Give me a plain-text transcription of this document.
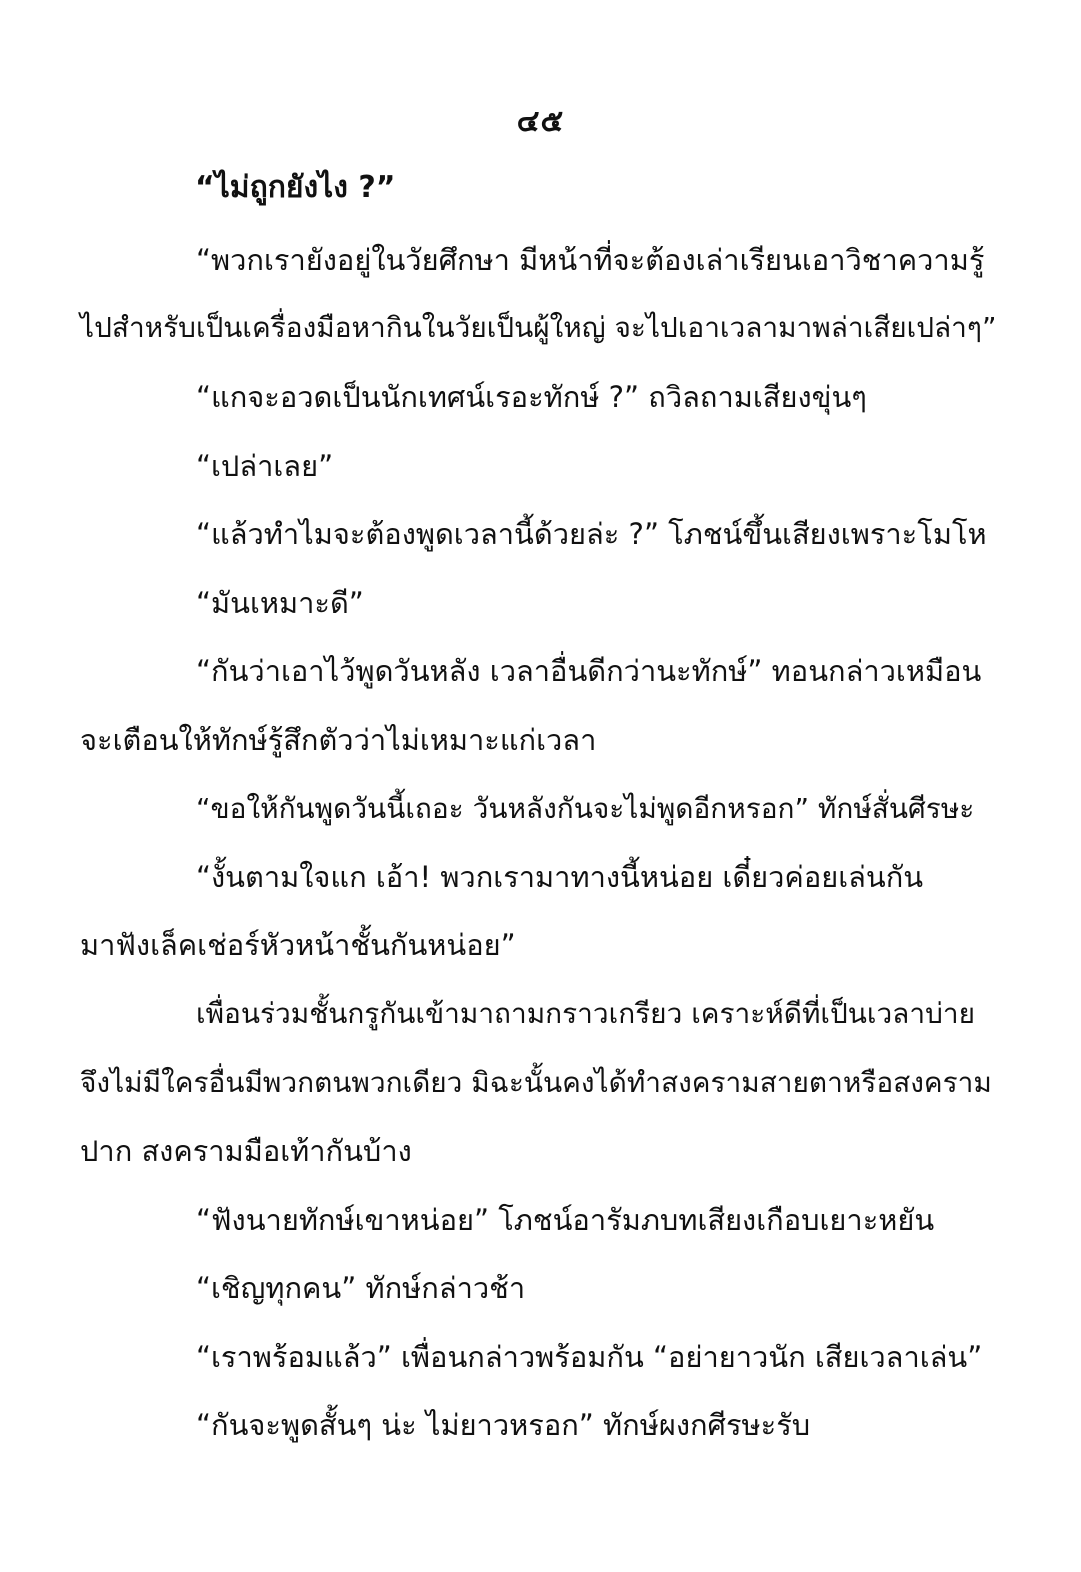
๔๕
“ไม่ถูกยังไง ?”
“พวกเรายังอยู่ในวัยศึกษา มีหน้าที่จะต้องเล่าเรียนเอาวิชาความรู้
ไปสำหรับเป็นเครื่องมือหากินในวัยเป็นผู้ใหญ่ จะไปเอาเวลามาพล่าเสียเปล่าๆ”
“แกจะอวดเป็นนักเทศน์เรอะทักษ์ ?” ถวิลถามเสียงขุ่นๆ
“เปล่าเลย”
“แล้วทำไมจะต้องพูดเวลานี้ด้วยล่ะ ?” โภชน์ขึ้นเสียงเพราะโมโห
“มันเหมาะดี”
“กันว่าเอาไว้พูดวันหลัง เวลาอื่นดีกว่านะทักษ์” ทอนกล่าวเหมือน
จะเตือนให้ทักษ์รู้สึกตัวว่าไม่เหมาะแก่เวลา
“ขอให้กันพูดวันนี้เถอะ วันหลังกันจะไม่พูดอีกหรอก” ทักษ์สั่นศีรษะ
“งั้นตามใจแก เอ้า! พวกเรามาทางนี้หน่อย เดี๋ยวค่อยเล่นกัน
มาฟังเล็คเช่อร์หัวหน้าชั้นกันหน่อย”
เพื่อนร่วมชั้นกรูกันเข้ามาถามกราวเกรียว เคราะห์ดีที่เป็นเวลาบ่าย
จึงไม่มีใครอื่นมีพวกตนพวกเดียว มิฉะนั้นคงได้ทำสงครามสายตาหรือสงคราม
ปาก สงครามมือเท้ากันบ้าง
“ฟังนายทักษ์เขาหน่อย” โภชน์อารัมภบทเสียงเกือบเยาะหยัน
“เชิญทุกคน” ทักษ์กล่าวช้า
“เราพร้อมแล้ว” เพื่อนกล่าวพร้อมกัน “อย่ายาวนัก เสียเวลาเล่น”
“กันจะพูดสั้นๆ น่ะ ไม่ยาวหรอก” ทักษ์ผงกศีรษะรับ
